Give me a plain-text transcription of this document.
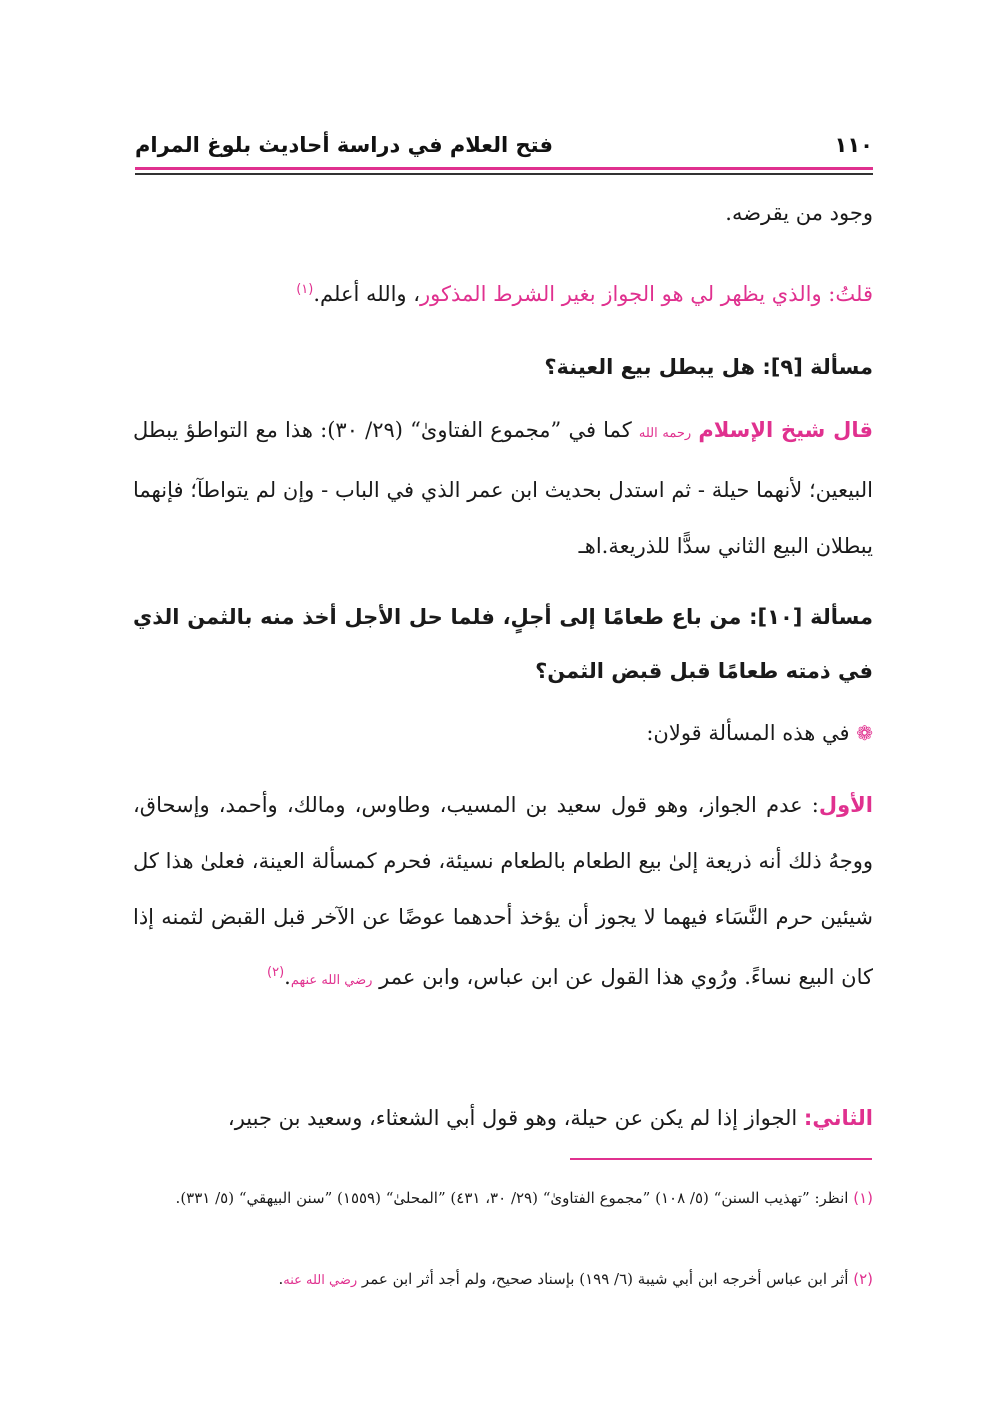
١١٠
فتح العلام في دراسة أحاديث بلوغ المرام
وجود من يقرضه.
قلتُ: والذي يظهر لي هو الجواز بغير الشرط المذكور، والله أعلم.$^{(١)}$
مسألة [٩]: هل يبطل بيع العينة؟
قال شيخ الإسلام رحمه الله كما في ”مجموع الفتاوىٰ“ (٢٩/ ٣٠): هذا مع التواطؤ يبطل البيعين؛ لأنهما حيلة - ثم استدل بحديث ابن عمر الذي في الباب - وإن لم يتواطآ؛ فإنهما يبطلان البيع الثاني سدًّا للذريعة.اهـ
مسألة [١٠]: من باع طعامًا إلى أجلٍ، فلما حل الأجل أخذ منه بالثمن الذي في ذمته طعامًا قبل قبض الثمن؟
❁ في هذه المسألة قولان:
الأول: عدم الجواز، وهو قول سعيد بن المسيب، وطاوس، ومالك، وأحمد، وإسحاق، ووجهُ ذلك أنه ذريعة إلىٰ بيع الطعام بالطعام نسيئة، فحرم كمسألة العينة، فعلىٰ هذا كل شيئين حرم النَّسَاء فيهما لا يجوز أن يؤخذ أحدهما عوضًا عن الآخر قبل القبض لثمنه إذا كان البيع نساءً. ورُوي هذا القول عن ابن عباس، وابن عمر رضي الله عنهم.$^{(٢)}$
الثاني: الجواز إذا لم يكن عن حيلة، وهو قول أبي الشعثاء، وسعيد بن جبير،
(١) انظر: ”تهذيب السنن“ (٥/ ١٠٨) ”مجموع الفتاوىٰ“ (٢٩/ ٣٠، ٤٣١) ”المحلىٰ“ (١٥٥٩) ”سنن البيهقي“ (٥/ ٣٣١).
(٢) أثر ابن عباس أخرجه ابن أبي شيبة (٦/ ١٩٩) بإسناد صحيح، ولم أجد أثر ابن عمر رضي الله عنه.
